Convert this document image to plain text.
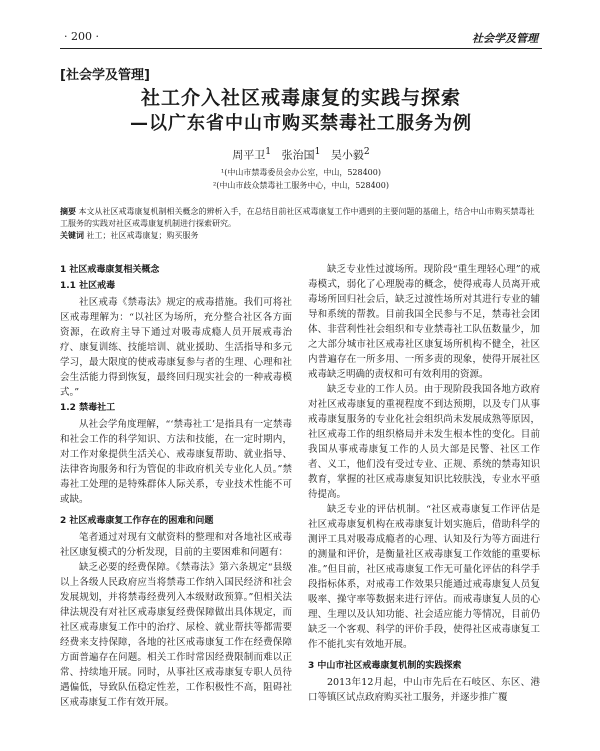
· 200 ·	社会学及管理
[社会学及管理]
社工介入社区戒毒康复的实践与探索
—以广东省中山市购买禁毒社工服务为例
周平卫$^1$ 张治国$^1$ 吴小毅$^2$
¹(中山市禁毒委员会办公室，中山，528400)
²(中山市歧众禁毒社工服务中心，中山，528400)
摘要 本文从社区戒毒康复机制相关概念的辨析入手，在总结目前社区戒毒康复工作中遇到的主要问题的基础上，结合中山市购买禁毒社工服务的实践对社区戒毒康复机制进行探索研究。
关键词 社工；社区戒毒康复；购买服务
1 社区戒毒康复相关概念
1.1 社区戒毒

社区戒毒《禁毒法》规定的戒毒措施。我们可将社区戒毒理解为：“以社区为场所，充分整合社区各方面资源，在政府主导下通过对吸毒成瘾人员开展戒毒治疗、康复训练、技能培训、就业援助、生活指导和多元学习，最大限度的使戒毒康复参与者的生理、心理和社会生活能力得到恢复，最终回归现实社会的一种戒毒模式。”

1.2 禁毒社工

从社会学角度理解，“‘禁毒社工’是指具有一定禁毒和社会工作的科学知识、方法和技能，在一定时期内，对工作对象提供生活关心、戒毒康复帮助、就业指导、法律咨询服务和行为管促的非政府机关专业化人员。”禁毒社工处理的是特殊群体人际关系，专业技术性能不可或缺。

2 社区戒毒康复工作存在的困难和问题

笔者通过对现有文献资料的整理和对各地社区戒毒社区康复模式的分析发现，目前的主要困难和问题有：

缺乏必要的经费保障。《禁毒法》第六条规定“县级以上各级人民政府应当将禁毒工作纳入国民经济和社会发展规划，并将禁毒经费列入本级财政预算。”但相关法律法规没有对社区戒毒康复经费保障做出具体规定，而社区戒毒康复工作中的治疗、尿检、就业帮扶等都需要经费来支持保障，各地的社区戒毒康复工作在经费保障方面普遍存在问题。相关工作时常因经费限制而难以正常、持续地开展。同时，从事社区戒毒康复专职人员待遇偏低，导致队伍稳定性差，工作积极性不高，阻碍社区戒毒康复工作有效开展。

缺乏专业性过渡场所。现阶段“重生理轻心理”的戒毒模式，弱化了心理脱毒的概念，使得戒毒人员离开戒毒场所回归社会后，缺乏过渡性场所对其进行专业的辅导和系统的帮教。目前我国全民参与不足，禁毒社会团体、非营利性社会组织和专业禁毒社工队伍数量少，加之大部分城市社区戒毒社区康复场所机构不健全，社区内普遍存在一所多用、一所多责的现象，使得开展社区戒毒缺乏明确的责权和可有效利用的资源。

缺乏专业的工作人员。由于现阶段我国各地方政府对社区戒毒康复的重视程度不到达预期，以及专门从事戒毒康复服务的专业化社会组织尚未发展成熟等原因，社区戒毒工作的组织格局并未发生根本性的变化。目前我国从事戒毒康复工作的人员大部是民警、社区工作者、义工，他们没有受过专业、正规、系统的禁毒知识教育，掌握的社区戒毒康复知识比较肤浅，专业水平亟待提高。

缺乏专业的评估机制。“社区戒毒康复工作评估是社区戒毒康复机构在戒毒康复计划实施后，借助科学的测评工具对吸毒成瘾者的心理、认知及行为等方面进行的测量和评价，是衡量社区戒毒康复工作效能的重要标准。”但目前，社区戒毒康复工作无可量化评估的科学手段指标体系，对戒毒工作效果只能通过戒毒康复人员复吸率、操守率等数据来进行评估。而戒毒康复人员的心理、生理以及认知功能、社会适应能力等情况，目前仍缺乏一个客观、科学的评价手段，使得社区戒毒康复工作不能扎实有效地开展。

3 中山市社区戒毒康复机制的实践探索

2013年12月起，中山市先后在石岐区、东区、港口等镇区试点政府购买社工服务，并逐步推广覆
